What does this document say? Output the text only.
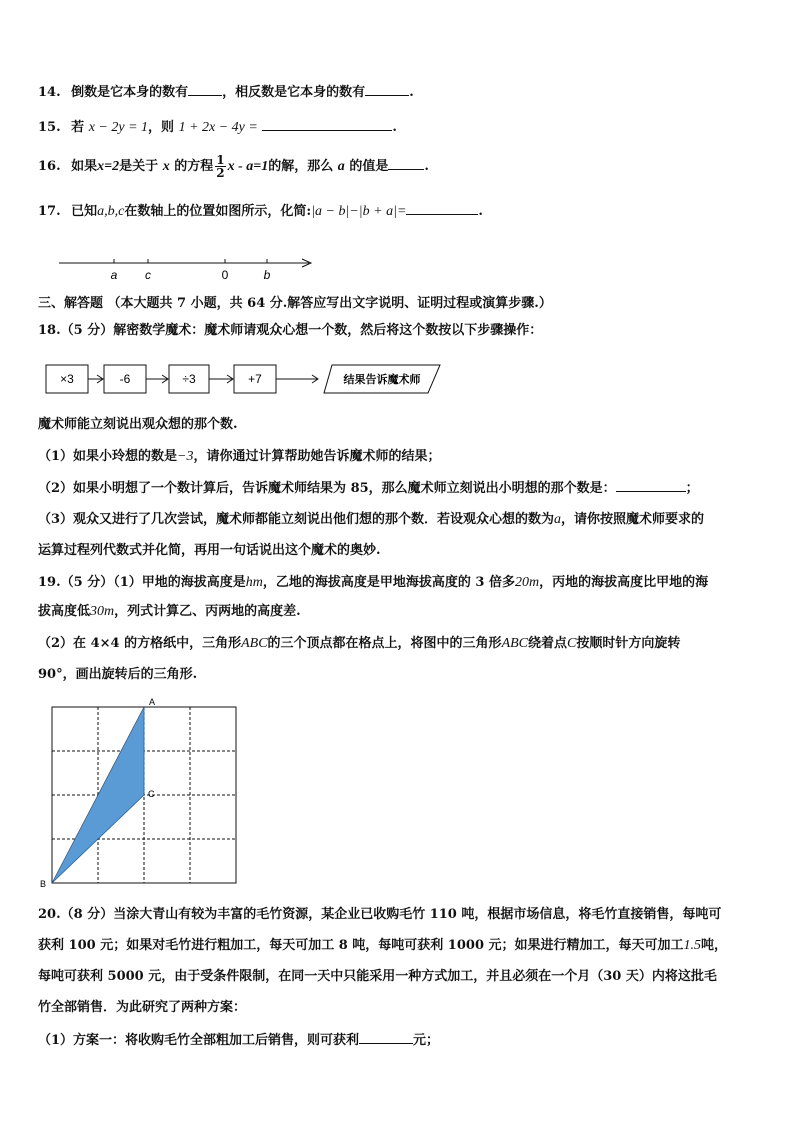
14. 倒数是它本身的数有	，相反数是它本身的数有	.
15. 若 x − 2y = 1，则 1 + 2x − 4y =	.
16. 如果x=2是关于 x 的方程 $\frac{1}{2}$ x - a=1的解，那么 a 的值是	.
17. 已知a,b,c在数轴上的位置如图所示，化简:|a − b|−|b + a|=	.
a c	0	b
三、解答题 （本大题共 7 小题，共 64 分.解答应写出文字说明、证明过程或演算步骤.）
18.（5 分）解密数学魔术：魔术师请观众心想一个数，然后将这个数按以下步骤操作：
×3	-6	÷3	+7	结果告诉魔术师
魔术师能立刻说出观众想的那个数.
（1）如果小玲想的数是−3，请你通过计算帮助她告诉魔术师的结果；
（2）如果小明想了一个数计算后，告诉魔术师结果为 85，那么魔术师立刻说出小明想的那个数是：	；
（3）观众又进行了几次尝试，魔术师都能立刻说出他们想的那个数．若设观众心想的数为a，请你按照魔术师要求的
运算过程列代数式并化简，再用一句话说出这个魔术的奥妙.
19.（5 分）（1）甲地的海拔高度是hm，乙地的海拔高度是甲地海拔高度的 3 倍多20m，丙地的海拔高度比甲地的海
拔高度低30m，列式计算乙、丙两地的高度差.
（2）在 4×4 的方格纸中，三角形ABC的三个顶点都在格点上，将图中的三角形ABC绕着点C按顺时针方向旋转
90°，画出旋转后的三角形.
A
C
B
20.（8 分）当涂大青山有较为丰富的毛竹资源，某企业已收购毛竹 110 吨，根据市场信息，将毛竹直接销售，每吨可
获利 100 元；如果对毛竹进行粗加工，每天可加工 8 吨，每吨可获利 1000 元；如果进行精加工，每天可加工1.5吨，
每吨可获利 5000 元，由于受条件限制，在同一天中只能采用一种方式加工，并且必须在一个月（30 天）内将这批毛
竹全部销售．为此研究了两种方案：
（1）方案一：将收购毛竹全部粗加工后销售，则可获利	元；
